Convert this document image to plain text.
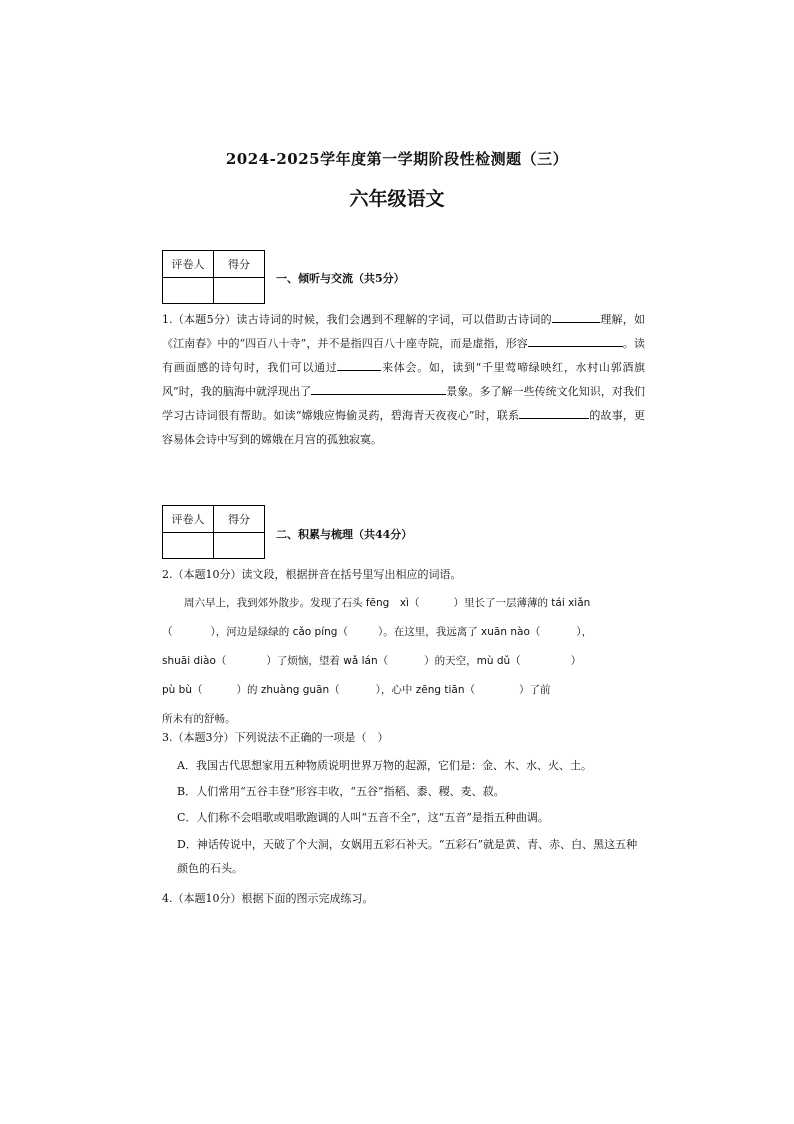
2024-2025学年度第一学期阶段性检测题（三）
六年级语文
评卷人	得分

一、倾听与交流（共5分）
1.（本题5分）读古诗词的时候，我们会遇到不理解的字词，可以借助古诗词的	理解，如《江南春》中的“四百八十寺”，并不是指四百八十座寺院，而是虚指，形容	。读有画面感的诗句时，我们可以通过	来体会。如，读到“千里莺啼绿映红，水村山郭酒旗风”时，我的脑海中就浮现出了	景象。多了解一些传统文化知识，对我们学习古诗词很有帮助。如读“嫦娥应悔偷灵药，碧海青天夜夜心”时，联系	的故事，更容易体会诗中写到的嫦娥在月宫的孤独寂寞。
评卷人	得分

二、积累与梳理（共44分）
2.（本题10分）读文段，根据拼音在括号里写出相应的词语。
周六早上，我到郊外散步。发现了石头 fēng　xì（	）里长了一层薄薄的 tái xiǎn
（	），河边是绿绿的 cǎo píng（	）。在这里，我远离了 xuān nào（	），
shuāi diào（	）了烦恼，望着 wǎ lán（	）的天空，mù dǔ（	）
pù bù（	）的 zhuàng guān（	），心中 zēng tiān（	）了前
所未有的舒畅。
3.（本题3分）下列说法不正确的一项是（　）
A．我国古代思想家用五种物质说明世界万物的起源，它们是：金、木、水、火、土。
B．人们常用“五谷丰登”形容丰收，“五谷”指稻、黍、稷、麦、菽。
C．人们称不会唱歌或唱歌跑调的人叫“五音不全”，这“五音”是指五种曲调。
D．神话传说中，天破了个大洞，女娲用五彩石补天。“五彩石”就是黄、青、赤、白、黑这五种颜色的石头。
4.（本题10分）根据下面的图示完成练习。
